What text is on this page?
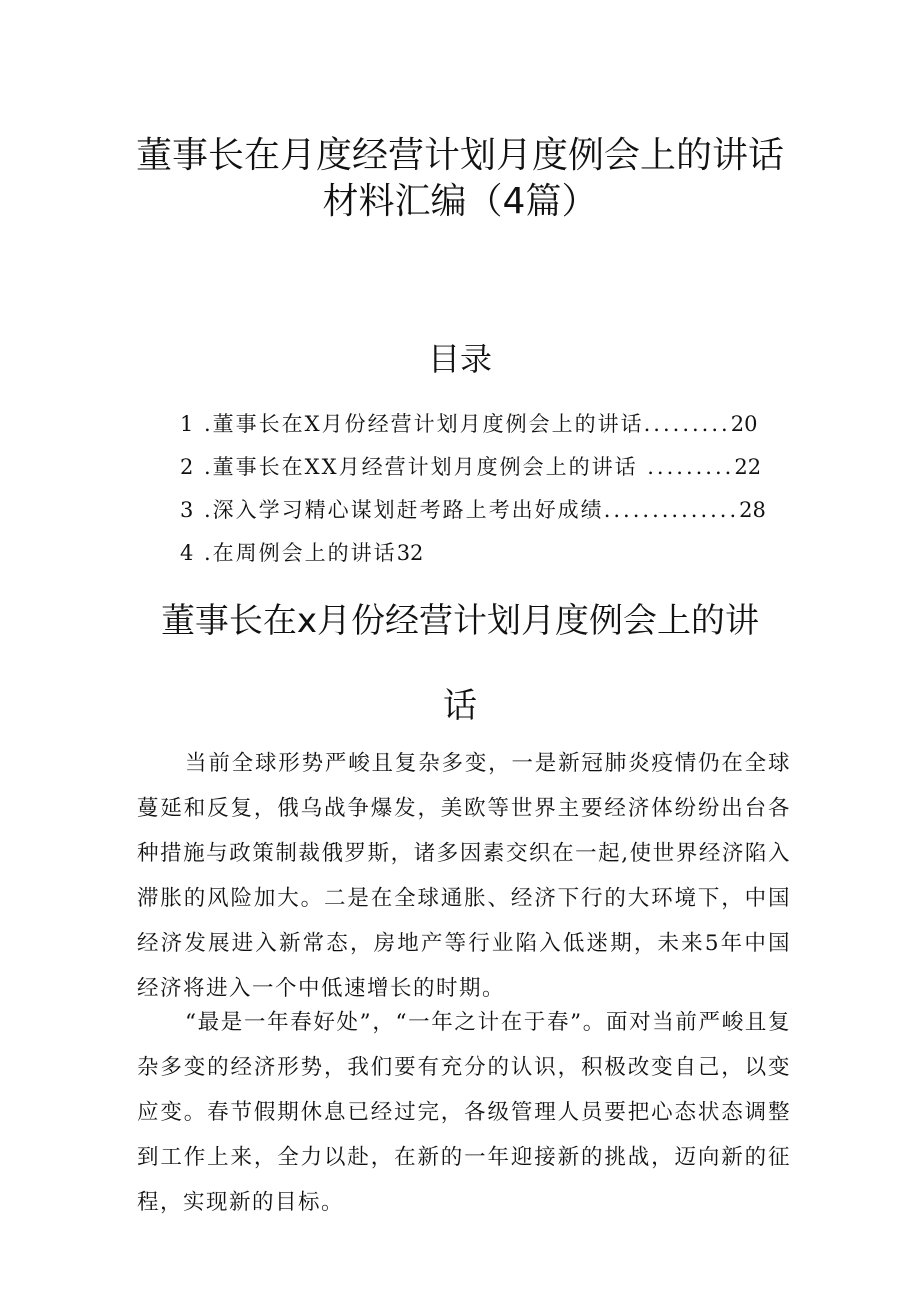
董事长在月度经营计划月度例会上的讲话
材料汇编（4篇）
目录
1 .董事长在X月份经营计划月度例会上的讲话.........20
2 .董事长在XX月经营计划月度例会上的讲话 .........22
3 .深入学习精心谋划赶考路上考出好成绩..............28
4 .在周例会上的讲话32
董事长在x月份经营计划月度例会上的讲
话

当前全球形势严峻且复杂多变，一是新冠肺炎疫情仍在全球蔓延和反复，俄乌战争爆发，美欧等世界主要经济体纷纷出台各种措施与政策制裁俄罗斯，诸多因素交织在一起,使世界经济陷入滞胀的风险加大。二是在全球通胀、经济下行的大环境下，中国经济发展进入新常态，房地产等行业陷入低迷期，未来5年中国经济将进入一个中低速增长的时期。

“最是一年春好处”，“一年之计在于春”。面对当前严峻且复杂多变的经济形势，我们要有充分的认识，积极改变自己，以变应变。春节假期休息已经过完，各级管理人员要把心态状态调整到工作上来，全力以赴，在新的一年迎接新的挑战，迈向新的征程，实现新的目标。
